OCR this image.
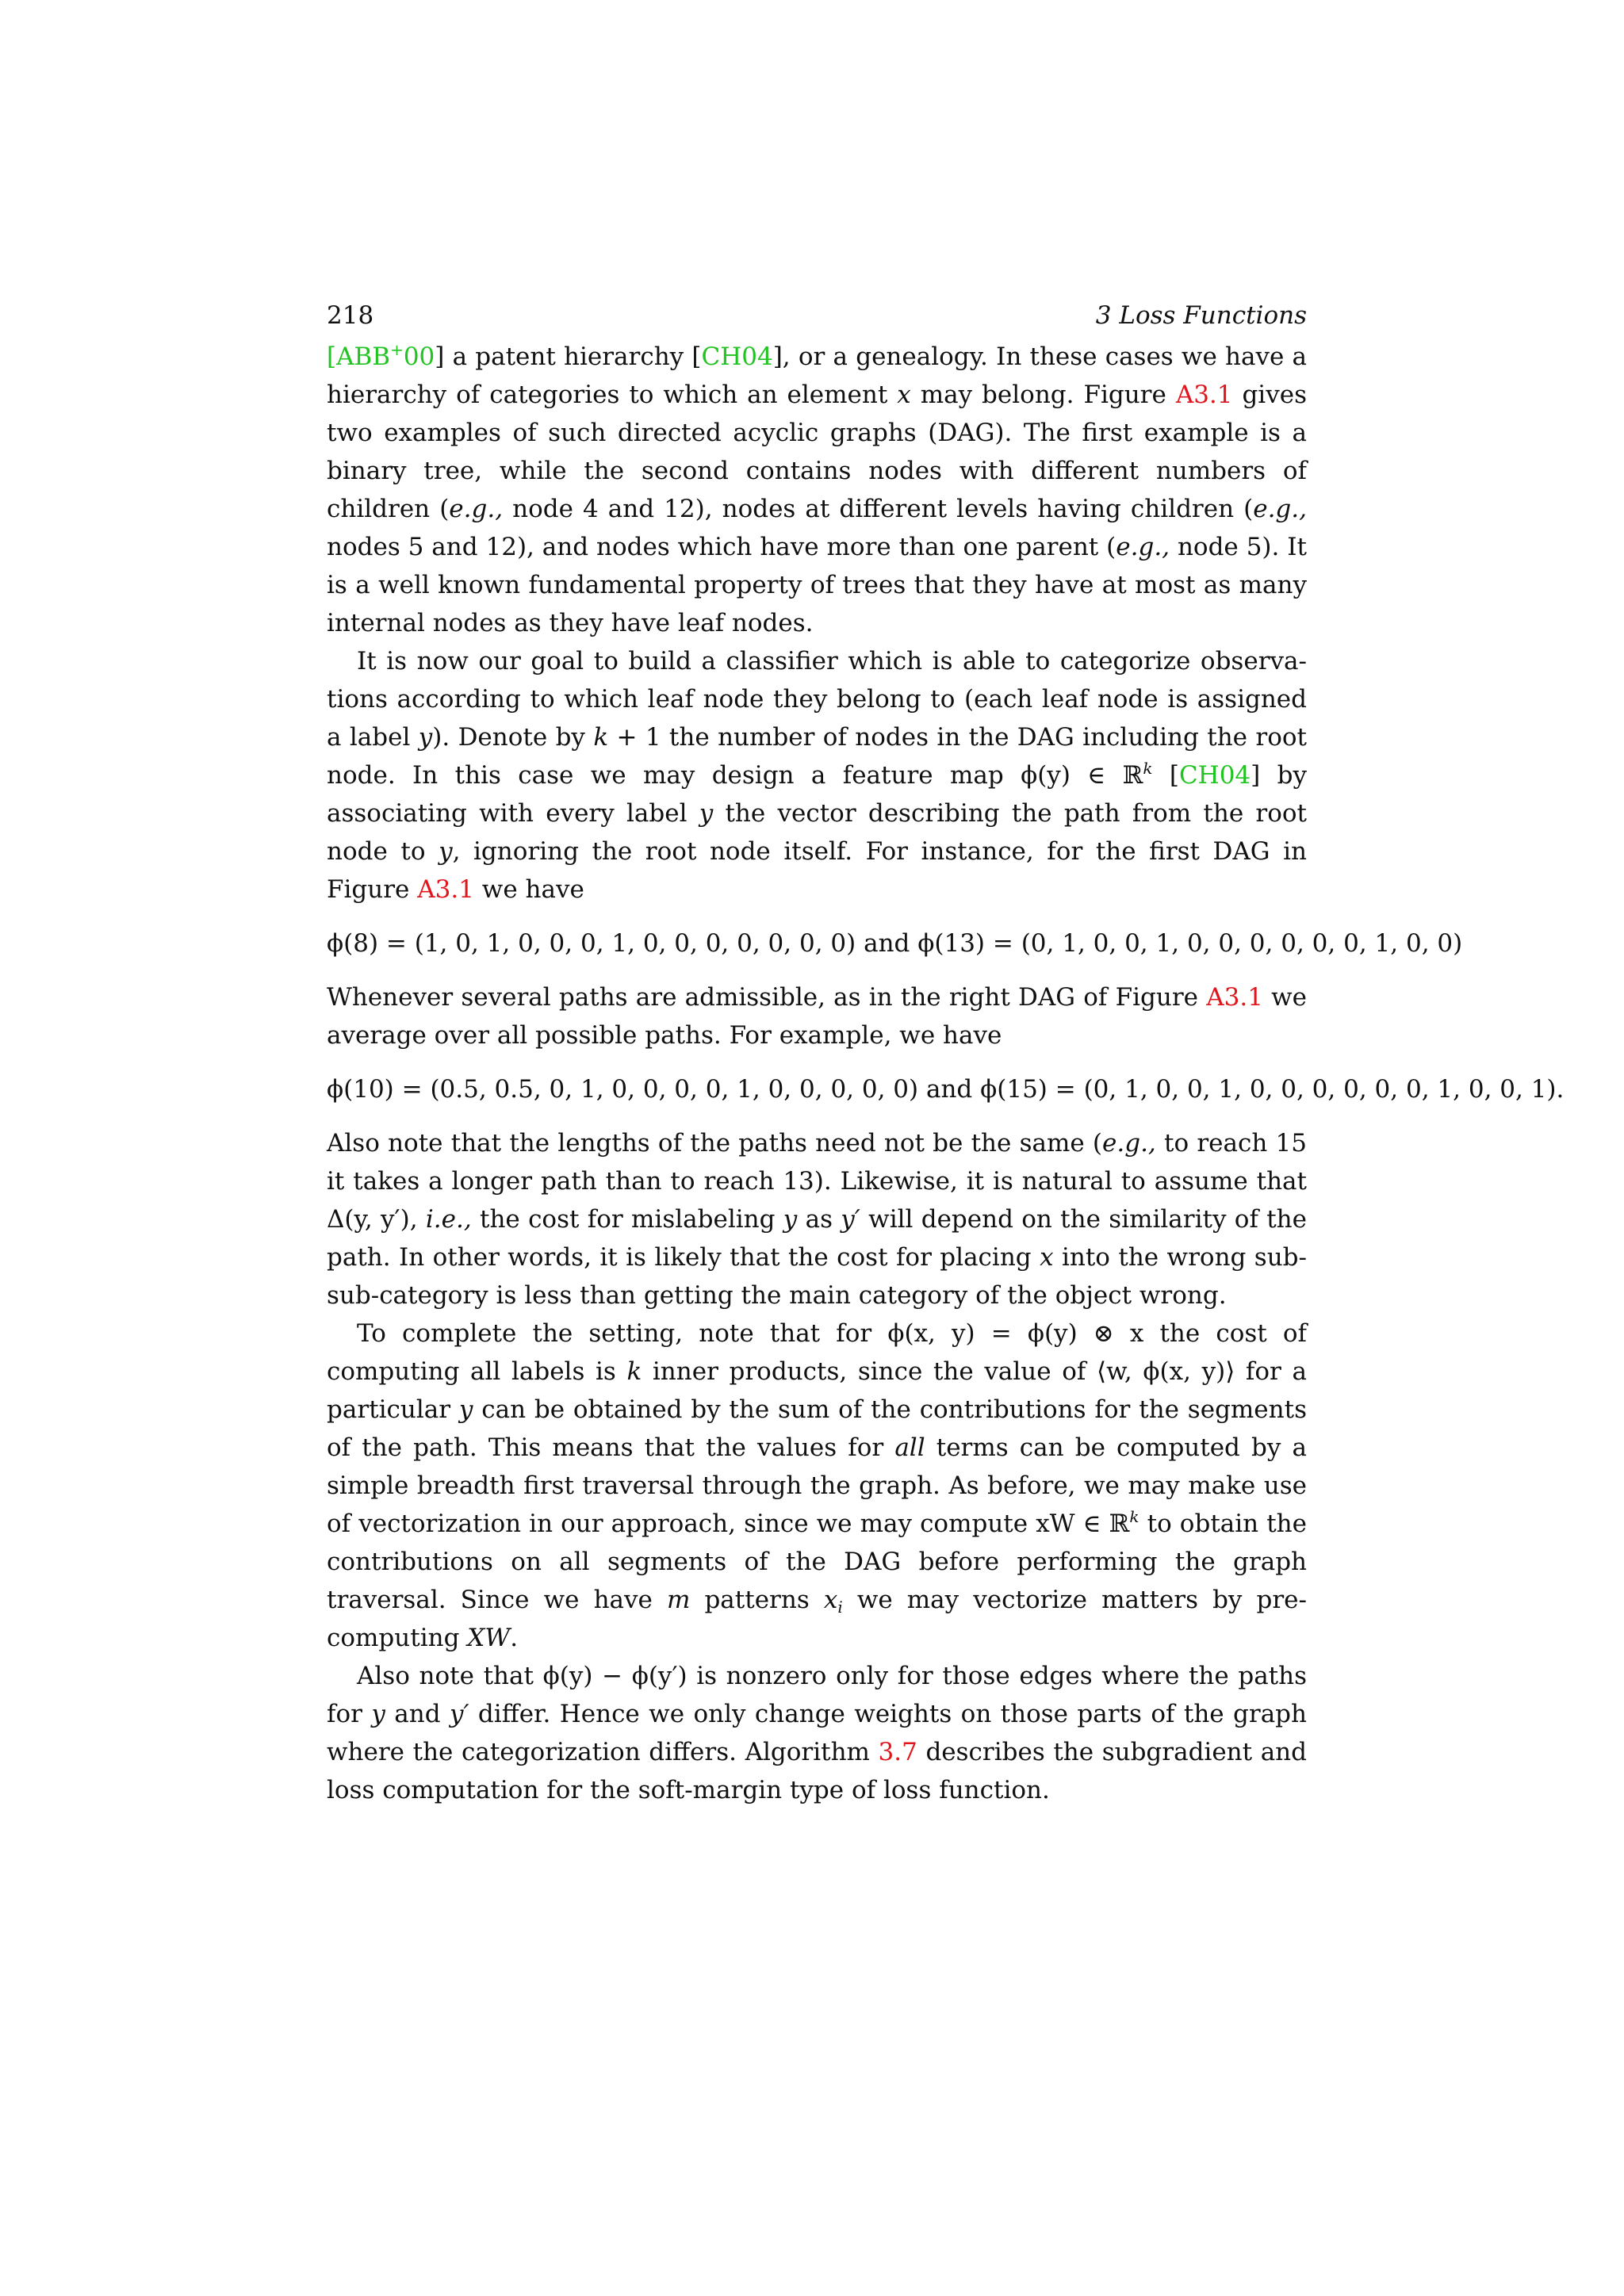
218	3 Loss Functions

[ABB+00] a patent hierarchy [CH04], or a genealogy. In these cases we have a hierarchy of categories to which an element x may belong. Figure A3.1 gives two examples of such directed acyclic graphs (DAG). The first example is a binary tree, while the second contains nodes with different numbers of children (e.g., node 4 and 12), nodes at different levels having children (e.g., nodes 5 and 12), and nodes which have more than one parent (e.g., node 5). It is a well known fundamental property of trees that they have at most as many internal nodes as they have leaf nodes.

It is now our goal to build a classifier which is able to categorize observations according to which leaf node they belong to (each leaf node is assigned a label y). Denote by k + 1 the number of nodes in the DAG including the root node. In this case we may design a feature map ϕ(y) ∈ ℝ$^k$ [CH04] by associating with every label y the vector describing the path from the root node to y, ignoring the root node itself. For instance, for the first DAG in Figure A3.1 we have

ϕ(8) = (1, 0, 1, 0, 0, 0, 1, 0, 0, 0, 0, 0, 0, 0) and ϕ(13) = (0, 1, 0, 0, 1, 0, 0, 0, 0, 0, 0, 1, 0, 0)

Whenever several paths are admissible, as in the right DAG of Figure A3.1 we average over all possible paths. For example, we have

ϕ(10) = (0.5, 0.5, 0, 1, 0, 0, 0, 0, 1, 0, 0, 0, 0, 0) and ϕ(15) = (0, 1, 0, 0, 1, 0, 0, 0, 0, 0, 0, 1, 0, 0, 1).

Also note that the lengths of the paths need not be the same (e.g., to reach 15 it takes a longer path than to reach 13). Likewise, it is natural to assume that Δ(y, y′), i.e., the cost for mislabeling y as y′ will depend on the similarity of the path. In other words, it is likely that the cost for placing x into the wrong sub-sub-category is less than getting the main category of the object wrong.

To complete the setting, note that for ϕ(x, y) = ϕ(y) ⊗ x the cost of computing all labels is k inner products, since the value of ⟨w, ϕ(x, y)⟩ for a particular y can be obtained by the sum of the contributions for the segments of the path. This means that the values for all terms can be computed by a simple breadth first traversal through the graph. As before, we may make use of vectorization in our approach, since we may compute xW ∈ ℝ$^k$ to obtain the contributions on all segments of the DAG before performing the graph traversal. Since we have m patterns $x_i$ we may vectorize matters by pre-computing XW.

Also note that ϕ(y) − ϕ(y′) is nonzero only for those edges where the paths for y and y′ differ. Hence we only change weights on those parts of the graph where the categorization differs. Algorithm 3.7 describes the subgradient and loss computation for the soft-margin type of loss function.
